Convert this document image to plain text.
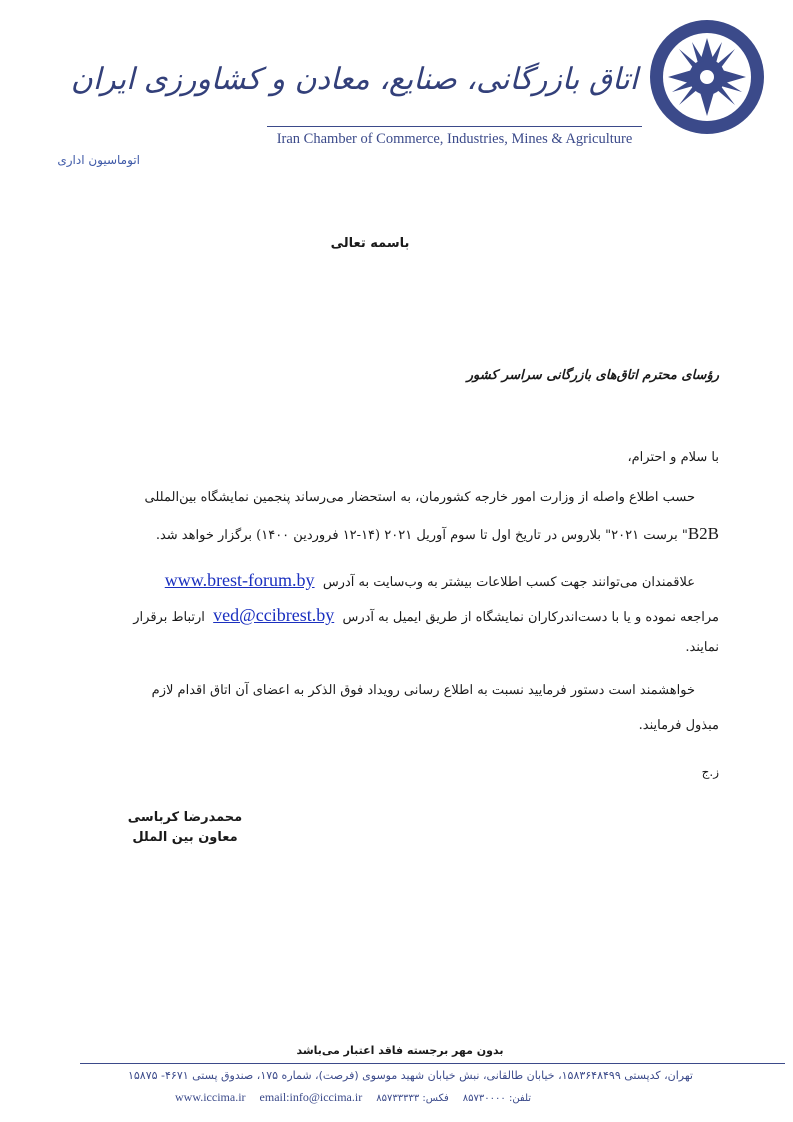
اتاق بازرگانی، صنایع، معادن و کشاورزی ایران
Iran Chamber of Commerce, Industries, Mines & Agriculture
اتوماسیون اداری
باسمه تعالی
رؤسای محترم اتاق‌های بازرگانی سراسر کشور
با سلام و احترام،
حسب اطلاع واصله از وزارت امور خارجه کشورمان، به استحضار می‌رساند پنجمین نمایشگاه بین‌المللی
B2B" برست ۲۰۲۱" بلاروس در تاریخ اول تا سوم آوریل ۲۰۲۱ (۱۴-۱۲ فروردین ۱۴۰۰) برگزار خواهد شد.
علاقمندان می‌توانند جهت کسب اطلاعات بیشتر به وب‌سایت به آدرس  www.brest-forum.by
مراجعه نموده و یا با دست‌اندرکاران نمایشگاه از طریق ایمیل به آدرس  ved@ccibrest.by  ارتباط برقرار
نمایند.
خواهشمند است دستور فرمایید نسبت به اطلاع رسانی رویداد فوق الذکر به اعضای آن اتاق اقدام لازم
مبذول فرمایند.
ز.ج
محمدرضا کرباسی
معاون بین الملل
بدون مهر برجسته فاقد اعتبار می‌باشد
تهران، کدپستی ۱۵۸۳۶۴۸۴۹۹، خیابان طالقانی، نبش خیابان شهید موسوی (فرصت)، شماره ۱۷۵، صندوق پستی ۴۶۷۱- ۱۵۸۷۵
www.iccima.ir email:info@iccima.ir فکس: ۸۵۷۳۳۳۳۳ تلفن: ۸۵۷۳۰۰۰۰
